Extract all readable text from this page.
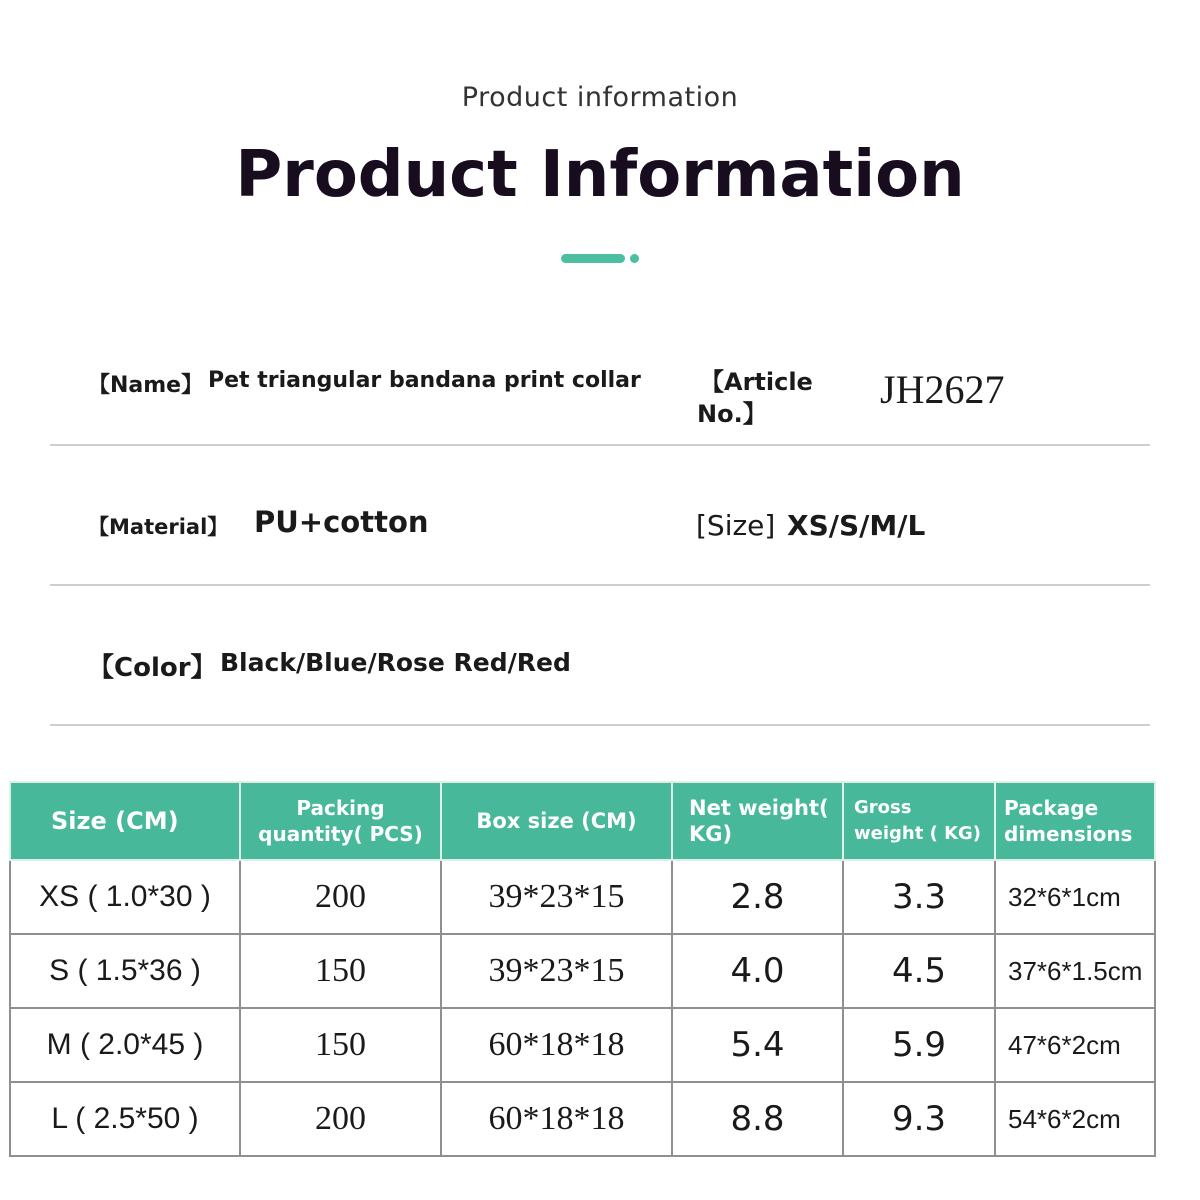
Product information
Product Information
【Name】 Pet triangular bandana print collar 【Article
No.】
JH2627
【Material】 PU+cotton	[Size] XS/S/M/L
【Color】 Black/Blue/Rose Red/Red
Size (CM)	Packing quantity( PCS)	Box size (CM)	Net weight( KG)	Gross weight ( KG)	Package dimensions
XS ( 1.0*30 )	200	39*23*15	2.8	3.3	32*6*1cm
S ( 1.5*36 )	150	39*23*15	4.0	4.5	37*6*1.5cm
M ( 2.0*45 )	150	60*18*18	5.4	5.9	47*6*2cm
L ( 2.5*50 )	200	60*18*18	8.8	9.3	54*6*2cm
